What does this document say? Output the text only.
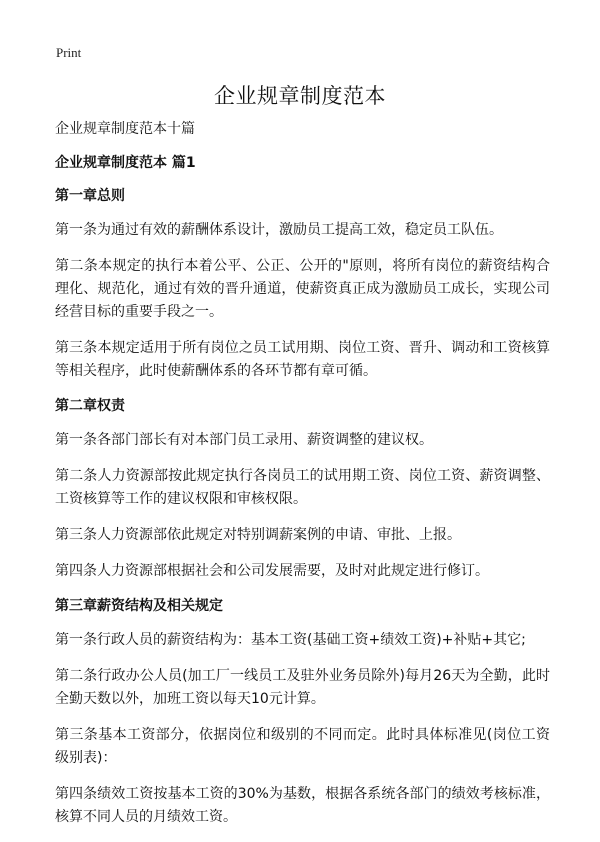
Print
企业规章制度范本

企业规章制度范本十篇

企业规章制度范本 篇1

第一章总则

第一条为通过有效的薪酬体系设计，激励员工提高工效，稳定员工队伍。

第二条本规定的执行本着公平、公正、公开的"原则，将所有岗位的薪资结构合理化、规范化，通过有效的晋升通道，使薪资真正成为激励员工成长，实现公司经营目标的重要手段之一。

第三条本规定适用于所有岗位之员工试用期、岗位工资、晋升、调动和工资核算等相关程序，此时使薪酬体系的各环节都有章可循。

第二章权责

第一条各部门部长有对本部门员工录用、薪资调整的建议权。

第二条人力资源部按此规定执行各岗员工的试用期工资、岗位工资、薪资调整、工资核算等工作的建议权限和审核权限。

第三条人力资源部依此规定对特别调薪案例的申请、审批、上报。

第四条人力资源部根据社会和公司发展需要，及时对此规定进行修订。

第三章薪资结构及相关规定

第一条行政人员的薪资结构为：基本工资(基础工资+绩效工资)+补贴+其它;

第二条行政办公人员(加工厂一线员工及驻外业务员除外)每月26天为全勤，此时全勤天数以外，加班工资以每天10元计算。

第三条基本工资部分，依据岗位和级别的不同而定。此时具体标准见(岗位工资级别表)：

第四条绩效工资按基本工资的30%为基数，根据各系统各部门的绩效考核标准，核算不同人员的月绩效工资。
